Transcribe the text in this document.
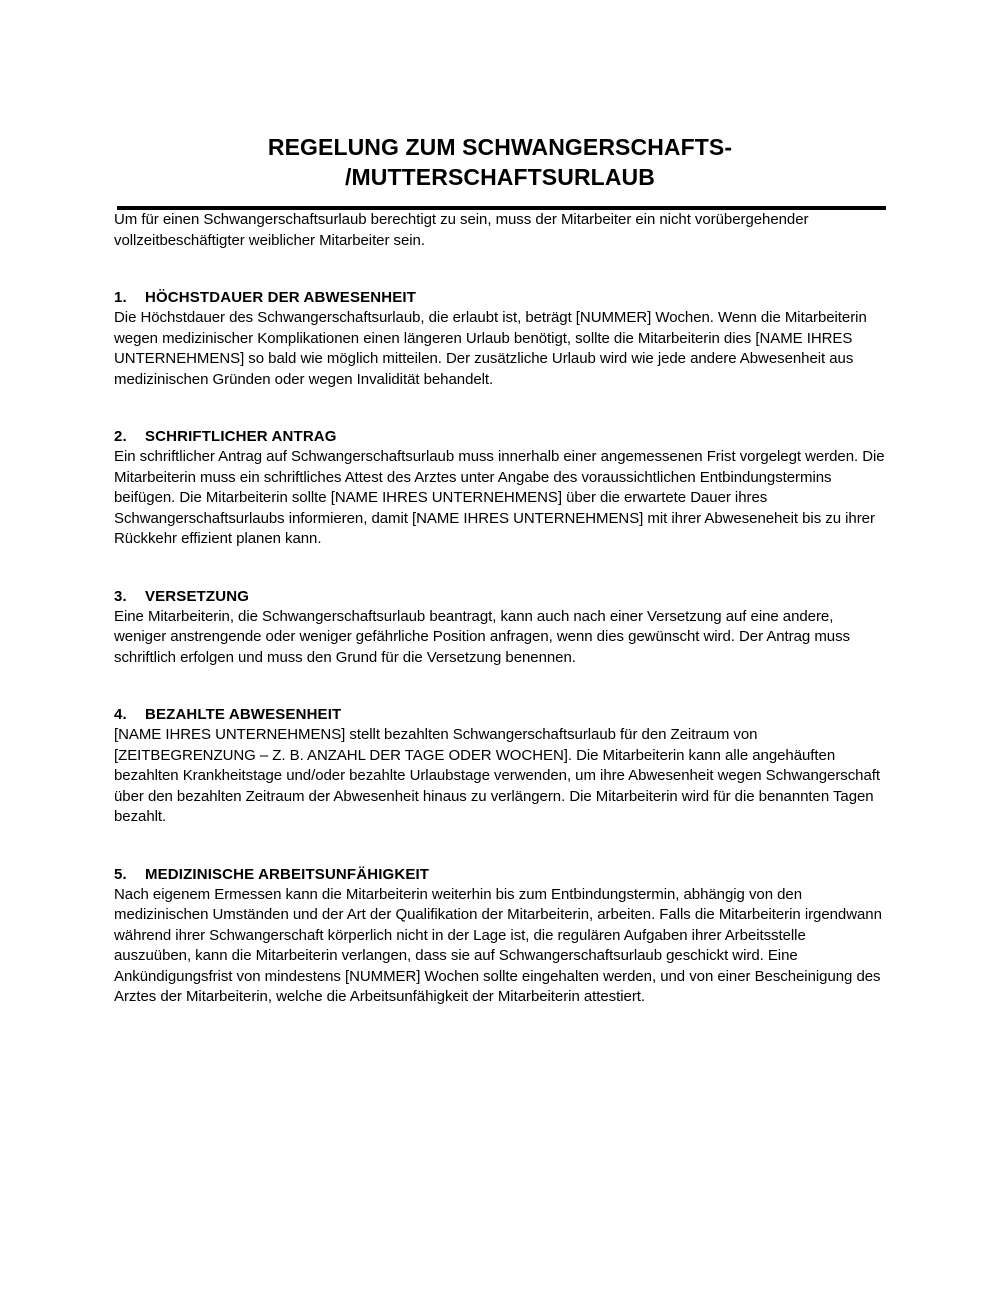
REGELUNG ZUM SCHWANGERSCHAFTS-
/MUTTERSCHAFTSURLAUB

Um für einen Schwangerschaftsurlaub berechtigt zu sein, muss der Mitarbeiter ein nicht vorübergehender vollzeitbeschäftigter weiblicher Mitarbeiter sein.

1.	HÖCHSTDAUER DER ABWESENHEIT

Die Höchstdauer des Schwangerschaftsurlaub, die erlaubt ist, beträgt [NUMMER] Wochen. Wenn die Mitarbeiterin wegen medizinischer Komplikationen einen längeren Urlaub benötigt, sollte die Mitarbeiterin dies [NAME IHRES UNTERNEHMENS] so bald wie möglich mitteilen. Der zusätzliche Urlaub wird wie jede andere Abwesenheit aus medizinischen Gründen oder wegen Invalidität behandelt.

2.	SCHRIFTLICHER ANTRAG

Ein schriftlicher Antrag auf Schwangerschaftsurlaub muss innerhalb einer angemessenen Frist vorgelegt werden. Die Mitarbeiterin muss ein schriftliches Attest des Arztes unter Angabe des voraussichtlichen Entbindungstermins beifügen. Die Mitarbeiterin sollte [NAME IHRES UNTERNEHMENS] über die erwartete Dauer ihres Schwangerschaftsurlaubs informieren, damit [NAME IHRES UNTERNEHMENS] mit ihrer Abweseneheit bis zu ihrer Rückkehr effizient planen kann.

3.	VERSETZUNG

Eine Mitarbeiterin, die Schwangerschaftsurlaub beantragt, kann auch nach einer Versetzung auf eine andere, weniger anstrengende oder weniger gefährliche Position anfragen, wenn dies gewünscht wird. Der Antrag muss schriftlich erfolgen und muss den Grund für die Versetzung benennen.

4.	BEZAHLTE ABWESENHEIT

[NAME IHRES UNTERNEHMENS] stellt bezahlten Schwangerschaftsurlaub für den Zeitraum von [ZEITBEGRENZUNG – Z. B. ANZAHL DER TAGE ODER WOCHEN]. Die Mitarbeiterin kann alle angehäuften bezahlten Krankheitstage und/oder bezahlte Urlaubstage verwenden, um ihre Abwesenheit wegen Schwangerschaft über den bezahlten Zeitraum der Abwesenheit hinaus zu verlängern. Die Mitarbeiterin wird für die benannten Tagen bezahlt.

5.	MEDIZINISCHE ARBEITSUNFÄHIGKEIT

Nach eigenem Ermessen kann die Mitarbeiterin weiterhin bis zum Entbindungstermin, abhängig von den medizinischen Umständen und der Art der Qualifikation der Mitarbeiterin, arbeiten. Falls die Mitarbeiterin irgendwann während ihrer Schwangerschaft körperlich nicht in der Lage ist, die regulären Aufgaben ihrer Arbeitsstelle auszuüben, kann die Mitarbeiterin verlangen, dass sie auf Schwangerschaftsurlaub geschickt wird. Eine Ankündigungsfrist von mindestens [NUMMER] Wochen sollte eingehalten werden, und von einer Bescheinigung des Arztes der Mitarbeiterin, welche die Arbeitsunfähigkeit der Mitarbeiterin attestiert.
